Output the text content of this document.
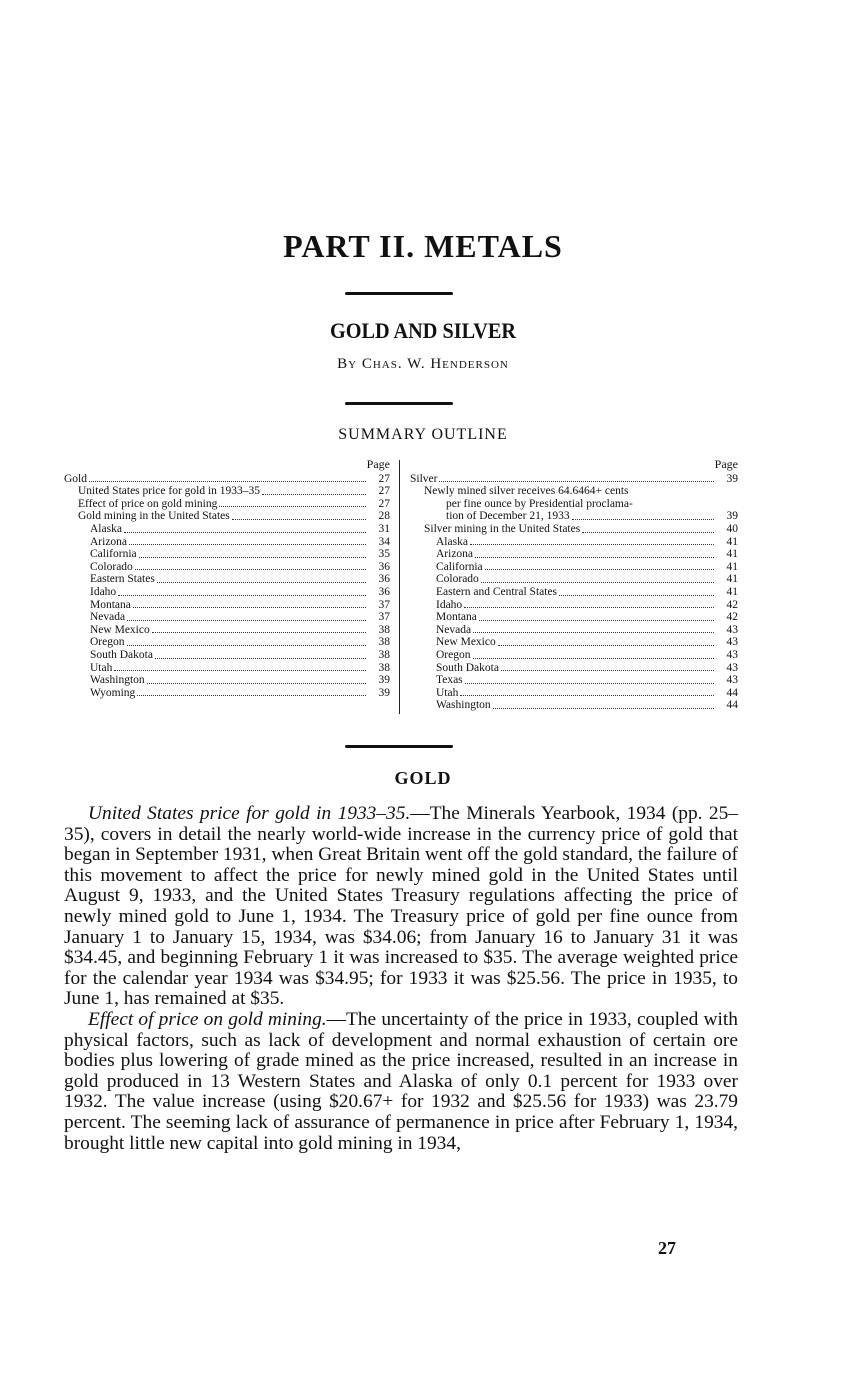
PART II. METALS
GOLD AND SILVER
By Chas. W. Henderson
SUMMARY OUTLINE
Page
Gold	27
United States price for gold in 1933–35	27
Effect of price on gold mining	27
Gold mining in the United States	28
Alaska	31
Arizona	34
California	35
Colorado	36
Eastern States	36
Idaho	36
Montana	37
Nevada	37
New Mexico	38
Oregon	38
South Dakota	38
Utah	38
Washington	39
Wyoming	39
Page
Silver	39
Newly mined silver receives 64.6464+ cents
per fine ounce by Presidential proclama-
tion of December 21, 1933	39
Silver mining in the United States	40
Alaska	41
Arizona	41
California	41
Colorado	41
Eastern and Central States	41
Idaho	42
Montana	42
Nevada	43
New Mexico	43
Oregon	43
South Dakota	43
Texas	43
Utah	44
Washington	44
GOLD

United States price for gold in 1933–35.—The Minerals Yearbook, 1934 (pp. 25–35), covers in detail the nearly world-wide increase in the currency price of gold that began in September 1931, when Great Britain went off the gold standard, the failure of this movement to affect the price for newly mined gold in the United States until August 9, 1933, and the United States Treasury regulations affecting the price of newly mined gold to June 1, 1934. The Treasury price of gold per fine ounce from January 1 to January 15, 1934, was $34.06; from January 16 to January 31 it was $34.45, and beginning February 1 it was increased to $35. The average weighted price for the calendar year 1934 was $34.95; for 1933 it was $25.56. The price in 1935, to June 1, has remained at $35.

Effect of price on gold mining.—The uncertainty of the price in 1933, coupled with physical factors, such as lack of development and normal exhaustion of certain ore bodies plus lowering of grade mined as the price increased, resulted in an increase in gold produced in 13 Western States and Alaska of only 0.1 percent for 1933 over 1932. The value increase (using $20.67+ for 1932 and $25.56 for 1933) was 23.79 percent. The seeming lack of assurance of permanence in price after February 1, 1934, brought little new capital into gold mining in 1934,

27
